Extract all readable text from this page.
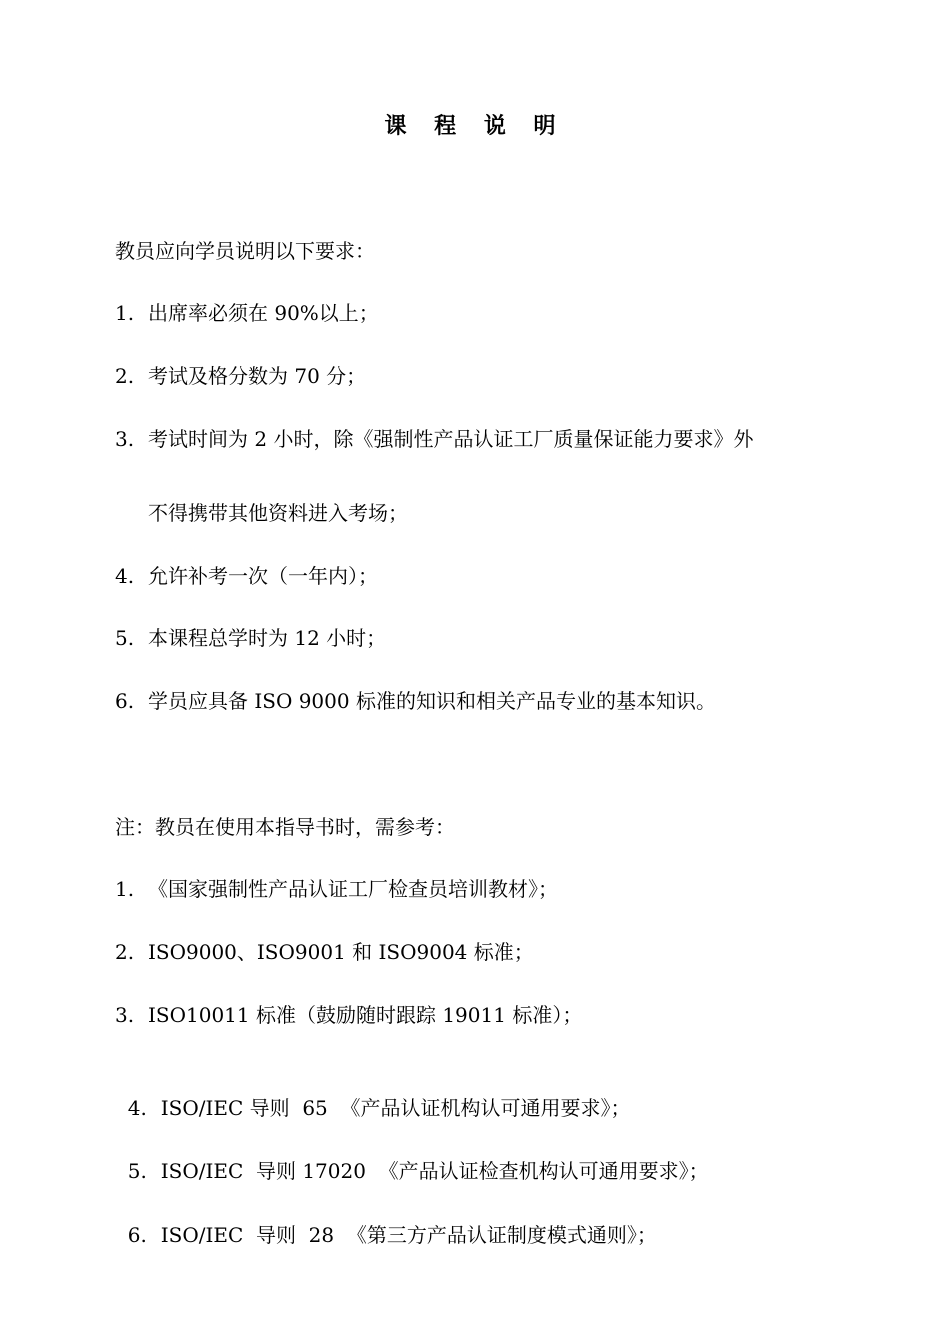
课 程 说 明
教员应向学员说明以下要求：
1. 出席率必须在 90%以上；
2. 考试及格分数为 70 分；
3. 考试时间为 2 小时，除《强制性产品认证工厂质量保证能力要求》外
不得携带其他资料进入考场；
4. 允许补考一次（一年内）；
5. 本课程总学时为 12 小时；
6. 学员应具备 ISO 9000 标准的知识和相关产品专业的基本知识。
注：教员在使用本指导书时，需参考：
1. 《国家强制性产品认证工厂检查员培训教材》；
2. ISO9000、ISO9001 和 ISO9004 标准；
3. ISO10011 标准（鼓励随时跟踪 19011 标准）；

4. ISO/IEC 导则  65  《产品认证机构认可通用要求》；

5. ISO/IEC  导则 17020  《产品认证检查机构认可通用要求》；

6. ISO/IEC  导则  28  《第三方产品认证制度模式通则》；
